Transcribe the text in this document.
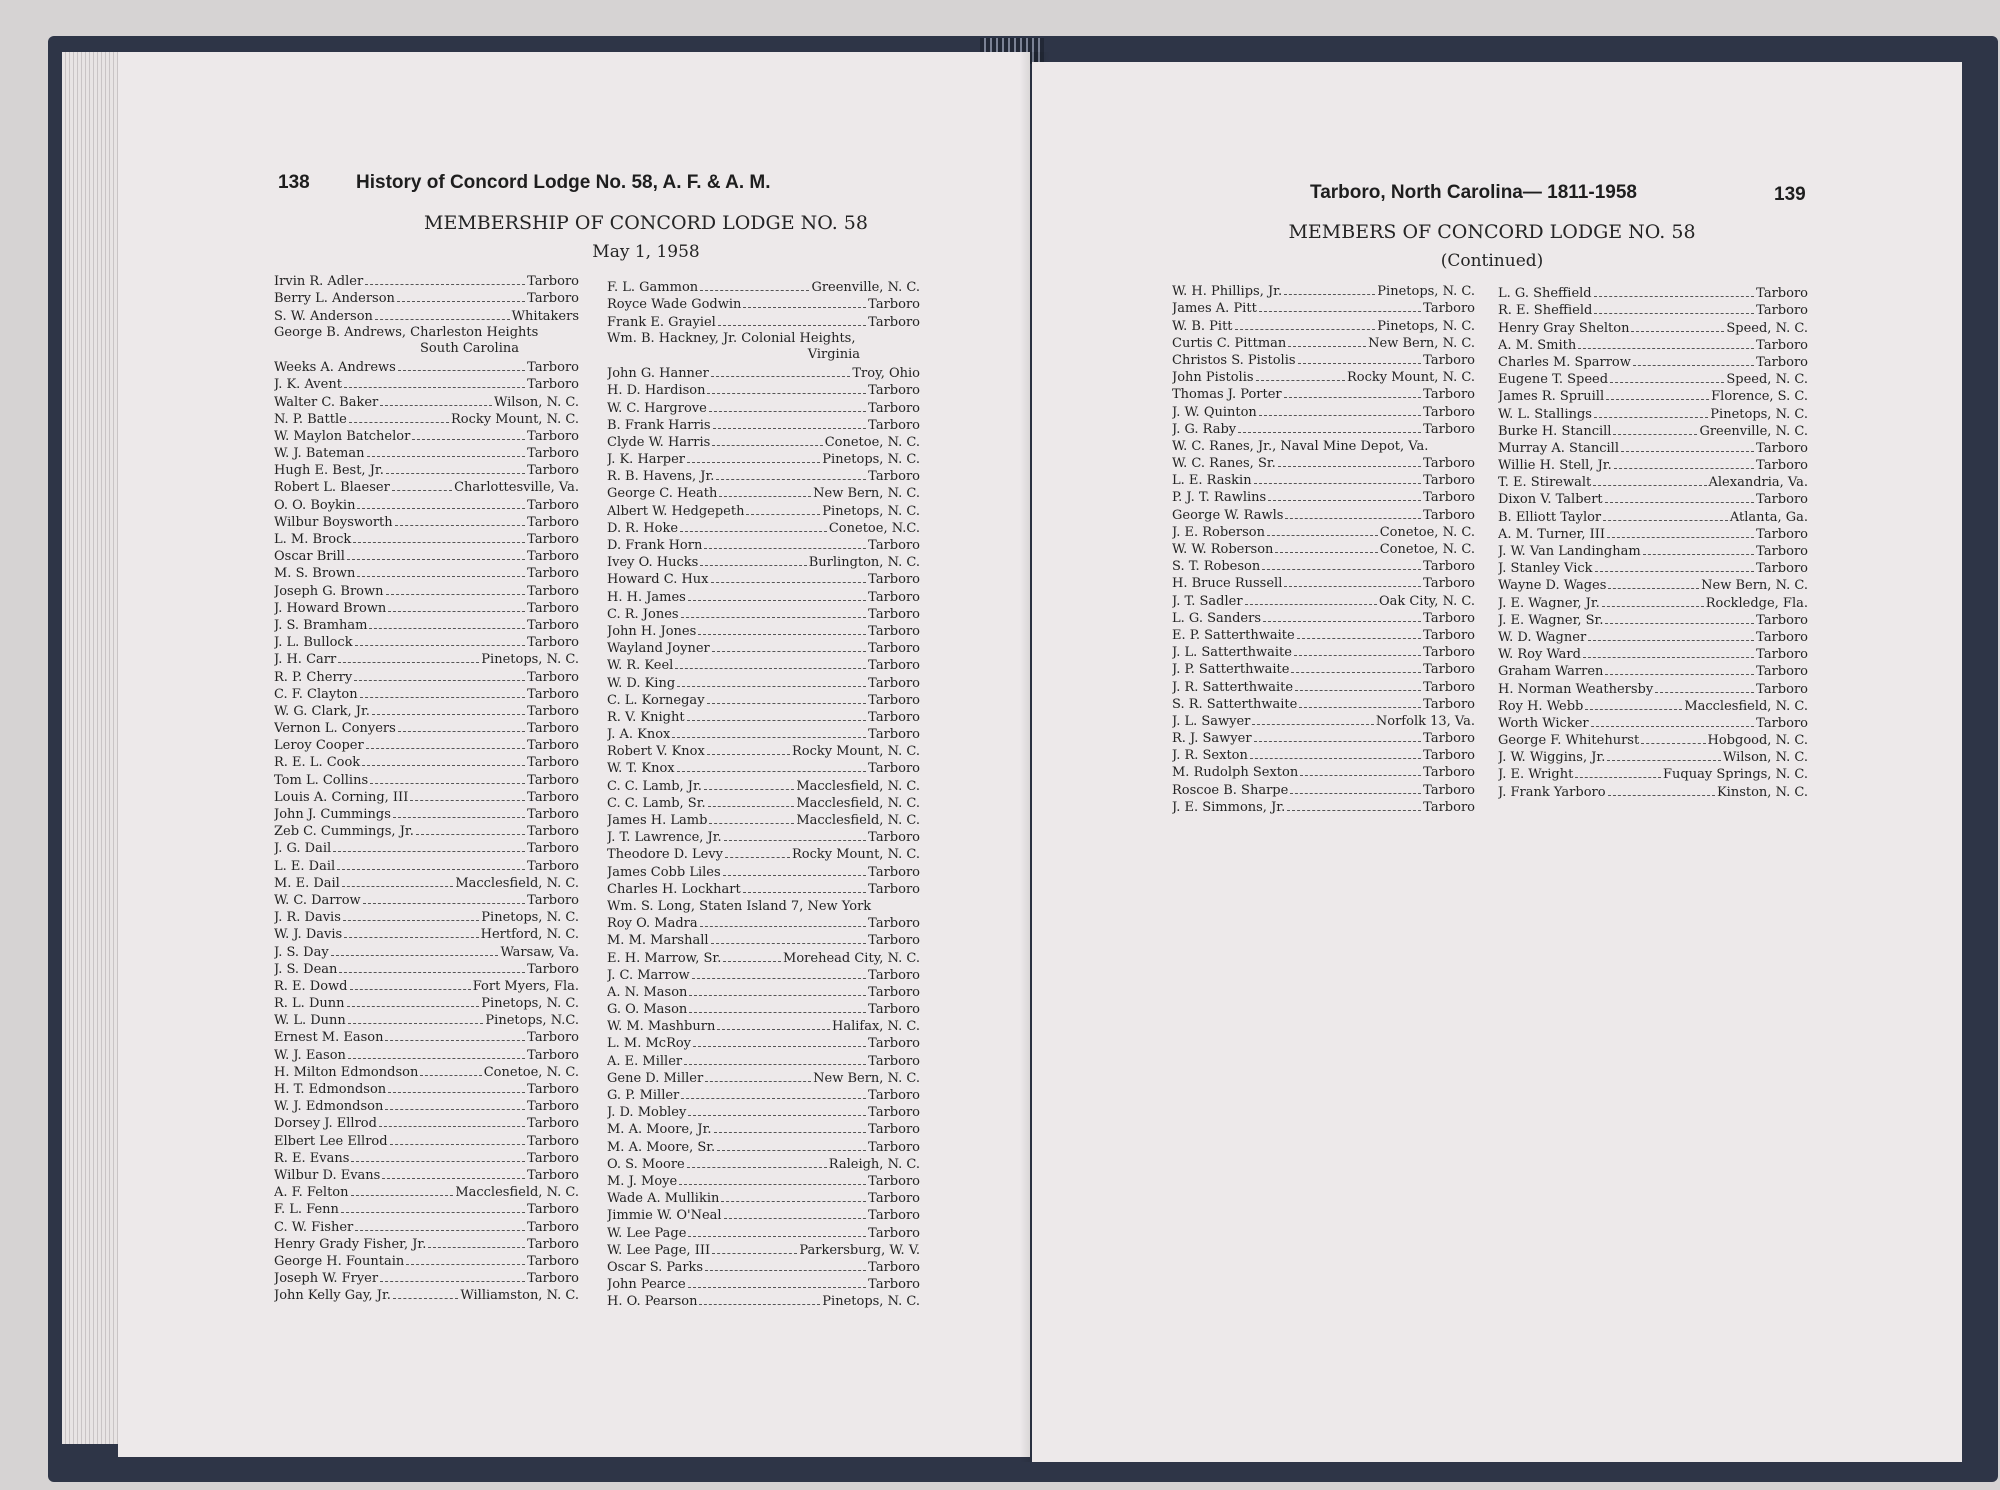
138 History of Concord Lodge No. 58, A. F. & A. M.
MEMBERSHIP OF CONCORD LODGE NO. 58
May 1, 1958
Irvin R. Adler	Tarboro
Berry L. Anderson	Tarboro
S. W. Anderson	Whitakers
George B. Andrews, Charleston Heights
South Carolina
Weeks A. Andrews	Tarboro
J. K. Avent	Tarboro
Walter C. Baker	Wilson, N. C.
N. P. Battle	Rocky Mount, N. C.
W. Maylon Batchelor	Tarboro
W. J. Bateman	Tarboro
Hugh E. Best, Jr.	Tarboro
Robert L. Blaeser	Charlottesville, Va.
O. O. Boykin	Tarboro
Wilbur Boysworth	Tarboro
L. M. Brock	Tarboro
Oscar Brill	Tarboro
M. S. Brown	Tarboro
Joseph G. Brown	Tarboro
J. Howard Brown	Tarboro
J. S. Bramham	Tarboro
J. L. Bullock	Tarboro
J. H. Carr	Pinetops, N. C.
R. P. Cherry	Tarboro
C. F. Clayton	Tarboro
W. G. Clark, Jr.	Tarboro
Vernon L. Conyers	Tarboro
Leroy Cooper	Tarboro
R. E. L. Cook	Tarboro
Tom L. Collins	Tarboro
Louis A. Corning, III	Tarboro
John J. Cummings	Tarboro
Zeb C. Cummings, Jr.	Tarboro
J. G. Dail	Tarboro
L. E. Dail	Tarboro
M. E. Dail	Macclesfield, N. C.
W. C. Darrow	Tarboro
J. R. Davis	Pinetops, N. C.
W. J. Davis	Hertford, N. C.
J. S. Day	Warsaw, Va.
J. S. Dean	Tarboro
R. E. Dowd	Fort Myers, Fla.
R. L. Dunn	Pinetops, N. C.
W. L. Dunn	Pinetops, N.C.
Ernest M. Eason	Tarboro
W. J. Eason	Tarboro
H. Milton Edmondson	Conetoe, N. C.
H. T. Edmondson	Tarboro
W. J. Edmondson	Tarboro
Dorsey J. Ellrod	Tarboro
Elbert Lee Ellrod	Tarboro
R. E. Evans	Tarboro
Wilbur D. Evans	Tarboro
A. F. Felton	Macclesfield, N. C.
F. L. Fenn	Tarboro
C. W. Fisher	Tarboro
Henry Grady Fisher, Jr.	Tarboro
George H. Fountain	Tarboro
Joseph W. Fryer	Tarboro
John Kelly Gay, Jr.	Williamston, N. C.
F. L. Gammon	Greenville, N. C.
Royce Wade Godwin	Tarboro
Frank E. Grayiel	Tarboro
Wm. B. Hackney, Jr. Colonial Heights,
Virginia
John G. Hanner	Troy, Ohio
H. D. Hardison	Tarboro
W. C. Hargrove	Tarboro
B. Frank Harris	Tarboro
Clyde W. Harris	Conetoe, N. C.
J. K. Harper	Pinetops, N. C.
R. B. Havens, Jr.	Tarboro
George C. Heath	New Bern, N. C.
Albert W. Hedgepeth	Pinetops, N. C.
D. R. Hoke	Conetoe, N.C.
D. Frank Horn	Tarboro
Ivey O. Hucks	Burlington, N. C.
Howard C. Hux	Tarboro
H. H. James	Tarboro
C. R. Jones	Tarboro
John H. Jones	Tarboro
Wayland Joyner	Tarboro
W. R. Keel	Tarboro
W. D. King	Tarboro
C. L. Kornegay	Tarboro
R. V. Knight	Tarboro
J. A. Knox	Tarboro
Robert V. Knox	Rocky Mount, N. C.
W. T. Knox	Tarboro
C. C. Lamb, Jr.	Macclesfield, N. C.
C. C. Lamb, Sr.	Macclesfield, N. C.
James H. Lamb	Macclesfield, N. C.
J. T. Lawrence, Jr.	Tarboro
Theodore D. Levy	Rocky Mount, N. C.
James Cobb Liles	Tarboro
Charles H. Lockhart	Tarboro
Wm. S. Long, Staten Island 7, New York
Roy O. Madra	Tarboro
M. M. Marshall	Tarboro
E. H. Marrow, Sr.	Morehead City, N. C.
J. C. Marrow	Tarboro
A. N. Mason	Tarboro
G. O. Mason	Tarboro
W. M. Mashburn	Halifax, N. C.
L. M. McRoy	Tarboro
A. E. Miller	Tarboro
Gene D. Miller	New Bern, N. C.
G. P. Miller	Tarboro
J. D. Mobley	Tarboro
M. A. Moore, Jr.	Tarboro
M. A. Moore, Sr.	Tarboro
O. S. Moore	Raleigh, N. C.
M. J. Moye	Tarboro
Wade A. Mullikin	Tarboro
Jimmie W. O'Neal	Tarboro
W. Lee Page	Tarboro
W. Lee Page, III	Parkersburg, W. V.
Oscar S. Parks	Tarboro
John Pearce	Tarboro
H. O. Pearson	Pinetops, N. C.
Tarboro, North Carolina— 1811-1958	139
MEMBERS OF CONCORD LODGE NO. 58
(Continued)
W. H. Phillips, Jr.	Pinetops, N. C.
James A. Pitt	Tarboro
W. B. Pitt	Pinetops, N. C.
Curtis C. Pittman	New Bern, N. C.
Christos S. Pistolis	Tarboro
John Pistolis	Rocky Mount, N. C.
Thomas J. Porter	Tarboro
J. W. Quinton	Tarboro
J. G. Raby	Tarboro
W. C. Ranes, Jr., Naval Mine Depot, Va.
W. C. Ranes, Sr.	Tarboro
L. E. Raskin	Tarboro
P. J. T. Rawlins	Tarboro
George W. Rawls	Tarboro
J. E. Roberson	Conetoe, N. C.
W. W. Roberson	Conetoe, N. C.
S. T. Robeson	Tarboro
H. Bruce Russell	Tarboro
J. T. Sadler	Oak City, N. C.
L. G. Sanders	Tarboro
E. P. Satterthwaite	Tarboro
J. L. Satterthwaite	Tarboro
J. P. Satterthwaite	Tarboro
J. R. Satterthwaite	Tarboro
S. R. Satterthwaite	Tarboro
J. L. Sawyer	Norfolk 13, Va.
R. J. Sawyer	Tarboro
J. R. Sexton	Tarboro
M. Rudolph Sexton	Tarboro
Roscoe B. Sharpe	Tarboro
J. E. Simmons, Jr.	Tarboro
L. G. Sheffield	Tarboro
R. E. Sheffield	Tarboro
Henry Gray Shelton	Speed, N. C.
A. M. Smith	Tarboro
Charles M. Sparrow	Tarboro
Eugene T. Speed	Speed, N. C.
James R. Spruill	Florence, S. C.
W. L. Stallings	Pinetops, N. C.
Burke H. Stancill	Greenville, N. C.
Murray A. Stancill	Tarboro
Willie H. Stell, Jr.	Tarboro
T. E. Stirewalt	Alexandria, Va.
Dixon V. Talbert	Tarboro
B. Elliott Taylor	Atlanta, Ga.
A. M. Turner, III	Tarboro
J. W. Van Landingham	Tarboro
J. Stanley Vick	Tarboro
Wayne D. Wages	New Bern, N. C.
J. E. Wagner, Jr.	Rockledge, Fla.
J. E. Wagner, Sr.	Tarboro
W. D. Wagner	Tarboro
W. Roy Ward	Tarboro
Graham Warren	Tarboro
H. Norman Weathersby	Tarboro
Roy H. Webb	Macclesfield, N. C.
Worth Wicker	Tarboro
George F. Whitehurst	Hobgood, N. C.
J. W. Wiggins, Jr.	Wilson, N. C.
J. E. Wright	Fuquay Springs, N. C.
J. Frank Yarboro	Kinston, N. C.
